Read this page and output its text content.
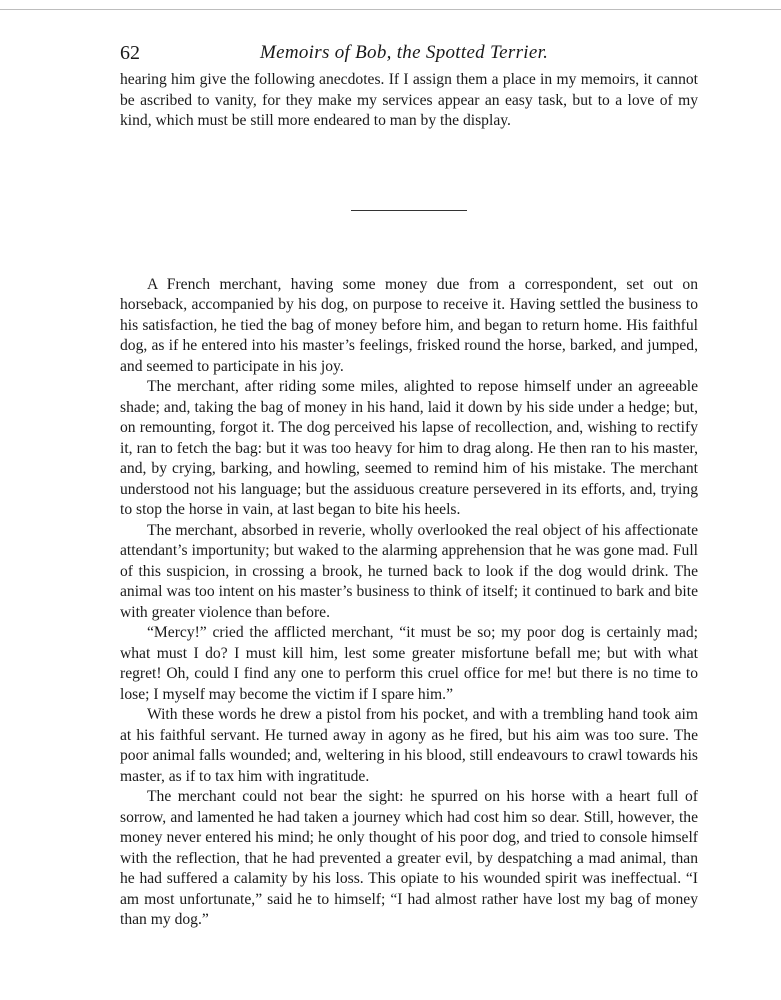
62	Memoirs of Bob, the Spotted Terrier.

hearing him give the following anecdotes. If I assign them a place in my memoirs, it cannot be ascribed to vanity, for they make my services appear an easy task, but to a love of my kind, which must be still more endeared to man by the display.

A French merchant, having some money due from a correspondent, set out on horseback, accompanied by his dog, on purpose to receive it. Having settled the business to his satisfaction, he tied the bag of money before him, and began to return home. His faithful dog, as if he entered into his master’s feelings, frisked round the horse, barked, and jumped, and seemed to participate in his joy.

The merchant, after riding some miles, alighted to repose himself under an agreeable shade; and, taking the bag of money in his hand, laid it down by his side under a hedge; but, on remounting, forgot it. The dog perceived his lapse of recollection, and, wishing to rectify it, ran to fetch the bag: but it was too heavy for him to drag along. He then ran to his master, and, by crying, barking, and howling, seemed to remind him of his mistake. The merchant understood not his language; but the assiduous creature persevered in its efforts, and, trying to stop the horse in vain, at last began to bite his heels.

The merchant, absorbed in reverie, wholly overlooked the real object of his affectionate attendant’s importunity; but waked to the alarming apprehension that he was gone mad. Full of this suspicion, in crossing a brook, he turned back to look if the dog would drink. The animal was too intent on his master’s business to think of itself; it continued to bark and bite with greater violence than before.

“Mercy!” cried the afflicted merchant, “it must be so; my poor dog is certainly mad; what must I do? I must kill him, lest some greater misfortune befall me; but with what regret! Oh, could I find any one to perform this cruel office for me! but there is no time to lose; I myself may become the victim if I spare him.”

With these words he drew a pistol from his pocket, and with a trembling hand took aim at his faithful servant. He turned away in agony as he fired, but his aim was too sure. The poor animal falls wounded; and, weltering in his blood, still endeavours to crawl towards his master, as if to tax him with ingratitude.

The merchant could not bear the sight: he spurred on his horse with a heart full of sorrow, and lamented he had taken a journey which had cost him so dear. Still, however, the money never entered his mind; he only thought of his poor dog, and tried to console himself with the reflection, that he had prevented a greater evil, by despatching a mad animal, than he had suffered a calamity by his loss. This opiate to his wounded spirit was ineffectual. “I am most unfortunate,” said he to himself; “I had almost rather have lost my bag of money than my dog.”
